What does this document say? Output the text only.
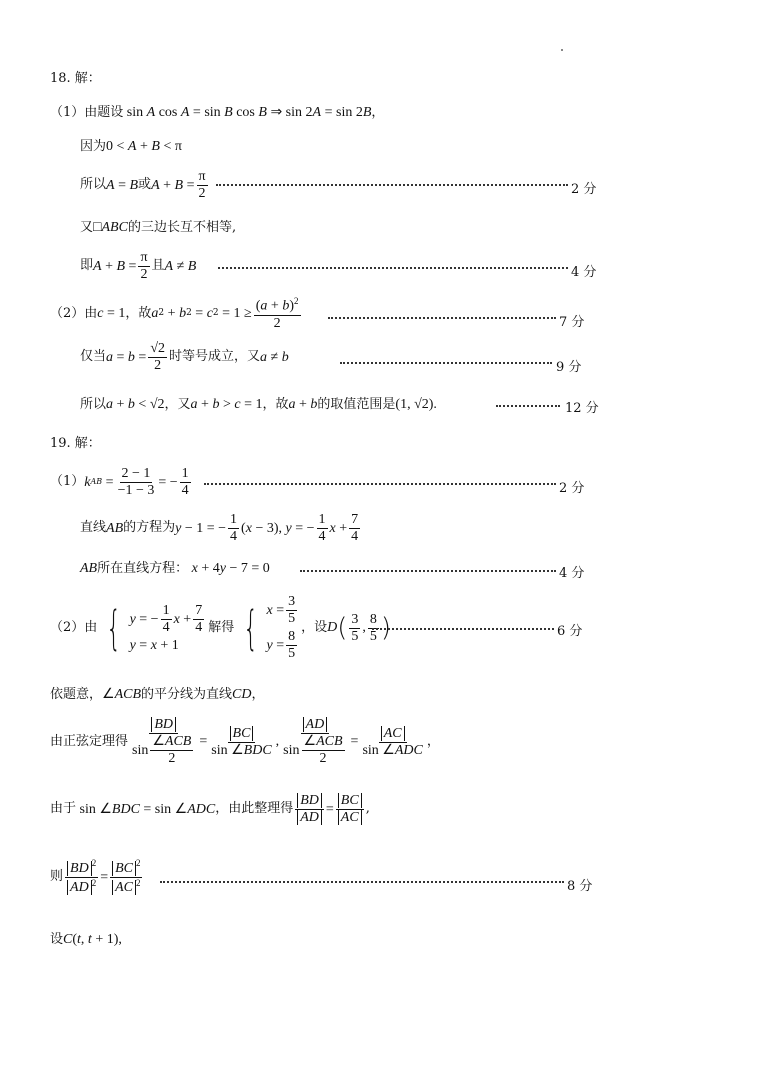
18. 解：
（1）由题设 sin A cos A = sin B cos B ⇒ sin 2 A = sin 2 B ，
因为 0 < A + B < π
所以 A = B 或 $A + B = \frac{\pi}{2}$	2 分
又 □ ABC 的三边长互不相等,
即 $A + B = \frac{\pi}{2}$ 且 A ≠ B	4 分
（2）由 c = 1 ，故 a 2 + b 2 = c $2 = 1 \ge \frac{(a + b)^2}{2}$	7 分
仅当 $a = b = \frac{√2}{2}$ 时等号成立，又 a ≠ b
9 分
所以 a + b < √2 ，又 a + b > c = 1 ，故 a + b 的取值范围是 (1, √2).	12 分
19. 解：
（1） k AB = $\frac{2 - 1}{-1 - 3}$ = − $\frac{1}{4}$	2 分
直线 AB 的方程为 y − 1 = − $\frac{1}{4}$ ( x − 3), y = − $\frac{1}{4}$ $x + \frac{7}{4}$
AB 所在直线方程： x + 4 y − 7 = 0	4 分
（2）由 { y = − $\frac{1}{4}$ $x + \frac{7}{4}$
y = x + 1
解得 { $x = \frac{3}{5}$
$y = \frac{8}{5}$
，设 D ( $\frac{3}{5}$ , $\frac{8}{5}$ )	6 分
依题意， ∠ ACB 的平分线为直线 CD ，
由正弦定理得 $\frac{BD}{\sin \frac{\text{∠ACB}}{2}} = \frac{BC}{\text{sin ∠BDC}}$ , $\frac{AD}{\sin \frac{\text{∠ACB}}{2}} = \frac{AC}{\text{sin ∠ADC}}$ ，
由于 sin ∠ BDC = sin ∠ ADC ，由此整理得 $\frac{BD}{AD} = \frac{BC}{AC}$ ,
则 $\frac{BD ^2}{AD ^2} = \frac{BC ^2}{AC ^2}$	8 分
设 C ( t , t + 1),
